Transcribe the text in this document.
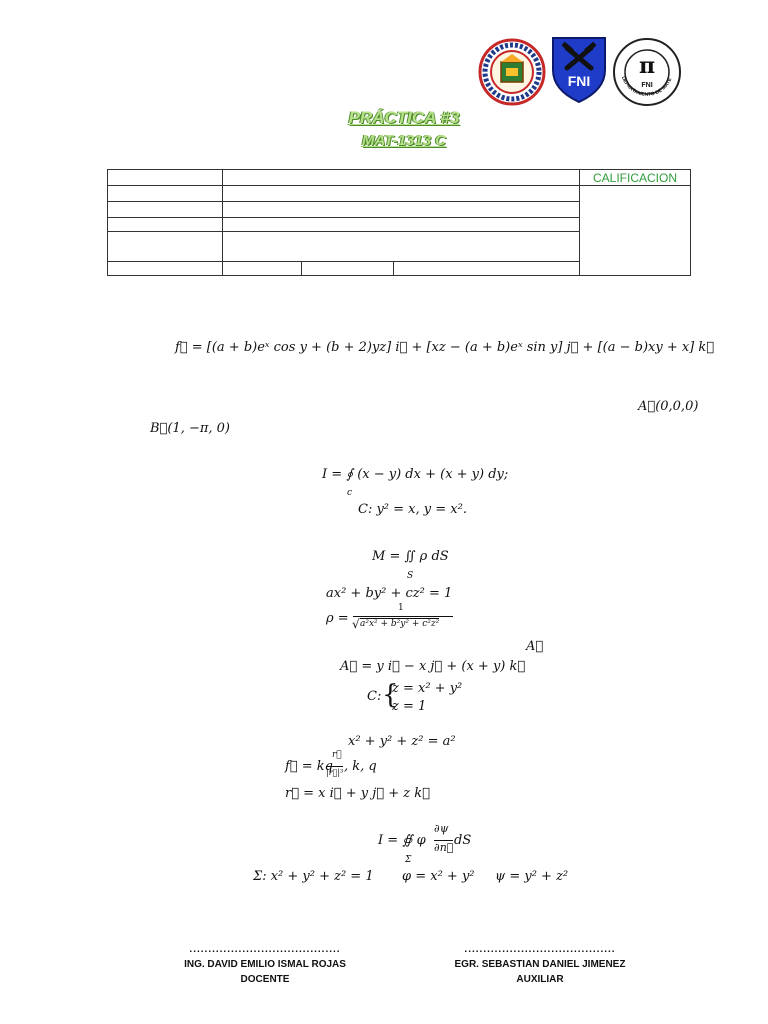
FNI
π
FNI
DEPARTAMENTO DE MATE
PRÁCTICA #3
MAT-1313 C
				CALIFICACION

f⃗ = [(a + b)eˣ cos y + (b + 2)yz] i⃗ + [xz − (a + b)eˣ sin y] j⃗ + [(a − b)xy + x] k⃗
A⃗(0,0,0)
B⃗(1, −π, 0)
I = ∮ (x − y) dx + (x + y) dy;
c
C: y² = x, y = x².
M = ∬ ρ dS
S
ax² + by² + cz² = 1
ρ =
1
a²x² + b²y² + c²z²
√
A⃗
A⃗ = y i⃗ − x j⃗ + (x + y) k⃗
C: {
z = x² + y²
z = 1
x² + y² + z² = a²
f⃗ = kq
r⃗
|r⃗|³ , k, q
r⃗ = x i⃗ + y j⃗ + z k⃗
I = ∯ φ
∂ψ
∂n⃗ dS
Σ
Σ: x² + y² + z² = 1 φ = x² + y² ψ = y² + z²
........................................
ING. DAVID EMILIO ISMAL ROJAS
DOCENTE
........................................
EGR. SEBASTIAN DANIEL JIMENEZ
AUXILIAR
